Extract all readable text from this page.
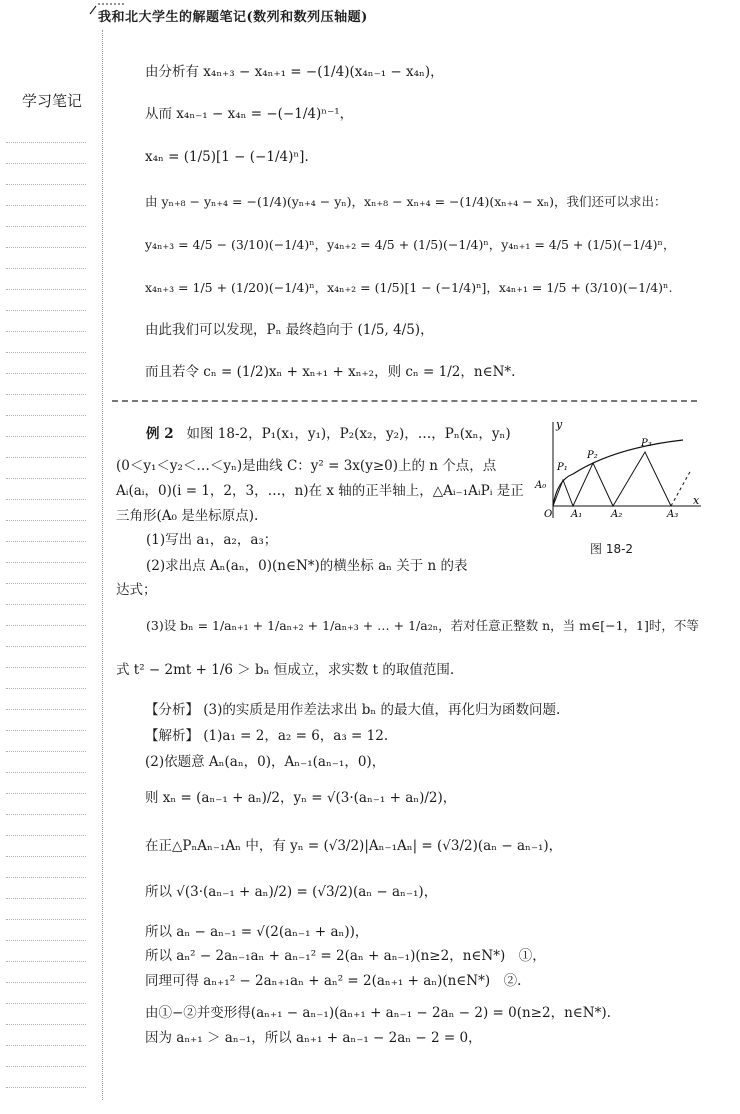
我和北大学生的解题笔记(数列和数列压轴题)
学习笔记
由分析有 x₄ₙ₊₃ − x₄ₙ₊₁ = −(1/4)(x₄ₙ₋₁ − x₄ₙ)，
从而 x₄ₙ₋₁ − x₄ₙ = −(−1/4)ⁿ⁻¹，
x₄ₙ = (1/5)[1 − (−1/4)ⁿ].
由 yₙ₊₈ − yₙ₊₄ = −(1/4)(yₙ₊₄ − yₙ)，xₙ₊₈ − xₙ₊₄ = −(1/4)(xₙ₊₄ − xₙ)，我们还可以求出：
y₄ₙ₊₃ = 4/5 − (3/10)(−1/4)ⁿ，y₄ₙ₊₂ = 4/5 + (1/5)(−1/4)ⁿ，y₄ₙ₊₁ = 4/5 + (1/5)(−1/4)ⁿ，
x₄ₙ₊₃ = 1/5 + (1/20)(−1/4)ⁿ，x₄ₙ₊₂ = (1/5)[1 − (−1/4)ⁿ]，x₄ₙ₊₁ = 1/5 + (3/10)(−1/4)ⁿ.
由此我们可以发现，Pₙ 最终趋向于 (1/5, 4/5)，
而且若令 cₙ = (1/2)xₙ + xₙ₊₁ + xₙ₊₂，则 cₙ = 1/2，n∈N*.
例 2 如图 18-2，P₁(x₁，y₁)，P₂(x₂，y₂)，…，Pₙ(xₙ，yₙ)
(0＜y₁＜y₂＜…＜yₙ)是曲线 C：y² = 3x(y≥0)上的 n 个点，点
Aᵢ(aᵢ，0)(i = 1，2，3，…，n)在 x 轴的正半轴上，△Aᵢ₋₁AᵢPᵢ 是正
三角形(A₀ 是坐标原点).
(1)写出 a₁，a₂，a₃；
(2)求出点 Aₙ(aₙ，0)(n∈N*)的横坐标 aₙ 关于 n 的表
达式；
(3)设 bₙ = 1/aₙ₊₁ + 1/aₙ₊₂ + 1/aₙ₊₃ + … + 1/a₂ₙ，若对任意正整数 n，当 m∈[−1，1]时，不等
式 t² − 2mt + 1/6 ＞ bₙ 恒成立，求实数 t 的取值范围.
y
x
O
A₀
A₁	A₂	A₃
P₁
P₂
P₃
图 18-2
【分析】 (3)的实质是用作差法求出 bₙ 的最大值，再化归为函数问题.
【解析】 (1)a₁ = 2，a₂ = 6，a₃ = 12.
(2)依题意 Aₙ(aₙ，0)，Aₙ₋₁(aₙ₋₁，0)，
则 xₙ = (aₙ₋₁ + aₙ)/2，yₙ = √(3·(aₙ₋₁ + aₙ)/2)，
在正△PₙAₙ₋₁Aₙ 中，有 yₙ = (√3/2)|Aₙ₋₁Aₙ| = (√3/2)(aₙ − aₙ₋₁)，
所以 √(3·(aₙ₋₁ + aₙ)/2) = (√3/2)(aₙ − aₙ₋₁)，
所以 aₙ − aₙ₋₁ = √(2(aₙ₋₁ + aₙ))，
所以 aₙ² − 2aₙ₋₁aₙ + aₙ₋₁² = 2(aₙ + aₙ₋₁)(n≥2，n∈N*)　①，
同理可得 aₙ₊₁² − 2aₙ₊₁aₙ + aₙ² = 2(aₙ₊₁ + aₙ)(n∈N*)　②.
由①−②并变形得(aₙ₊₁ − aₙ₋₁)(aₙ₊₁ + aₙ₋₁ − 2aₙ − 2) = 0(n≥2，n∈N*).
因为 aₙ₊₁ ＞ aₙ₋₁，所以 aₙ₊₁ + aₙ₋₁ − 2aₙ − 2 = 0，
